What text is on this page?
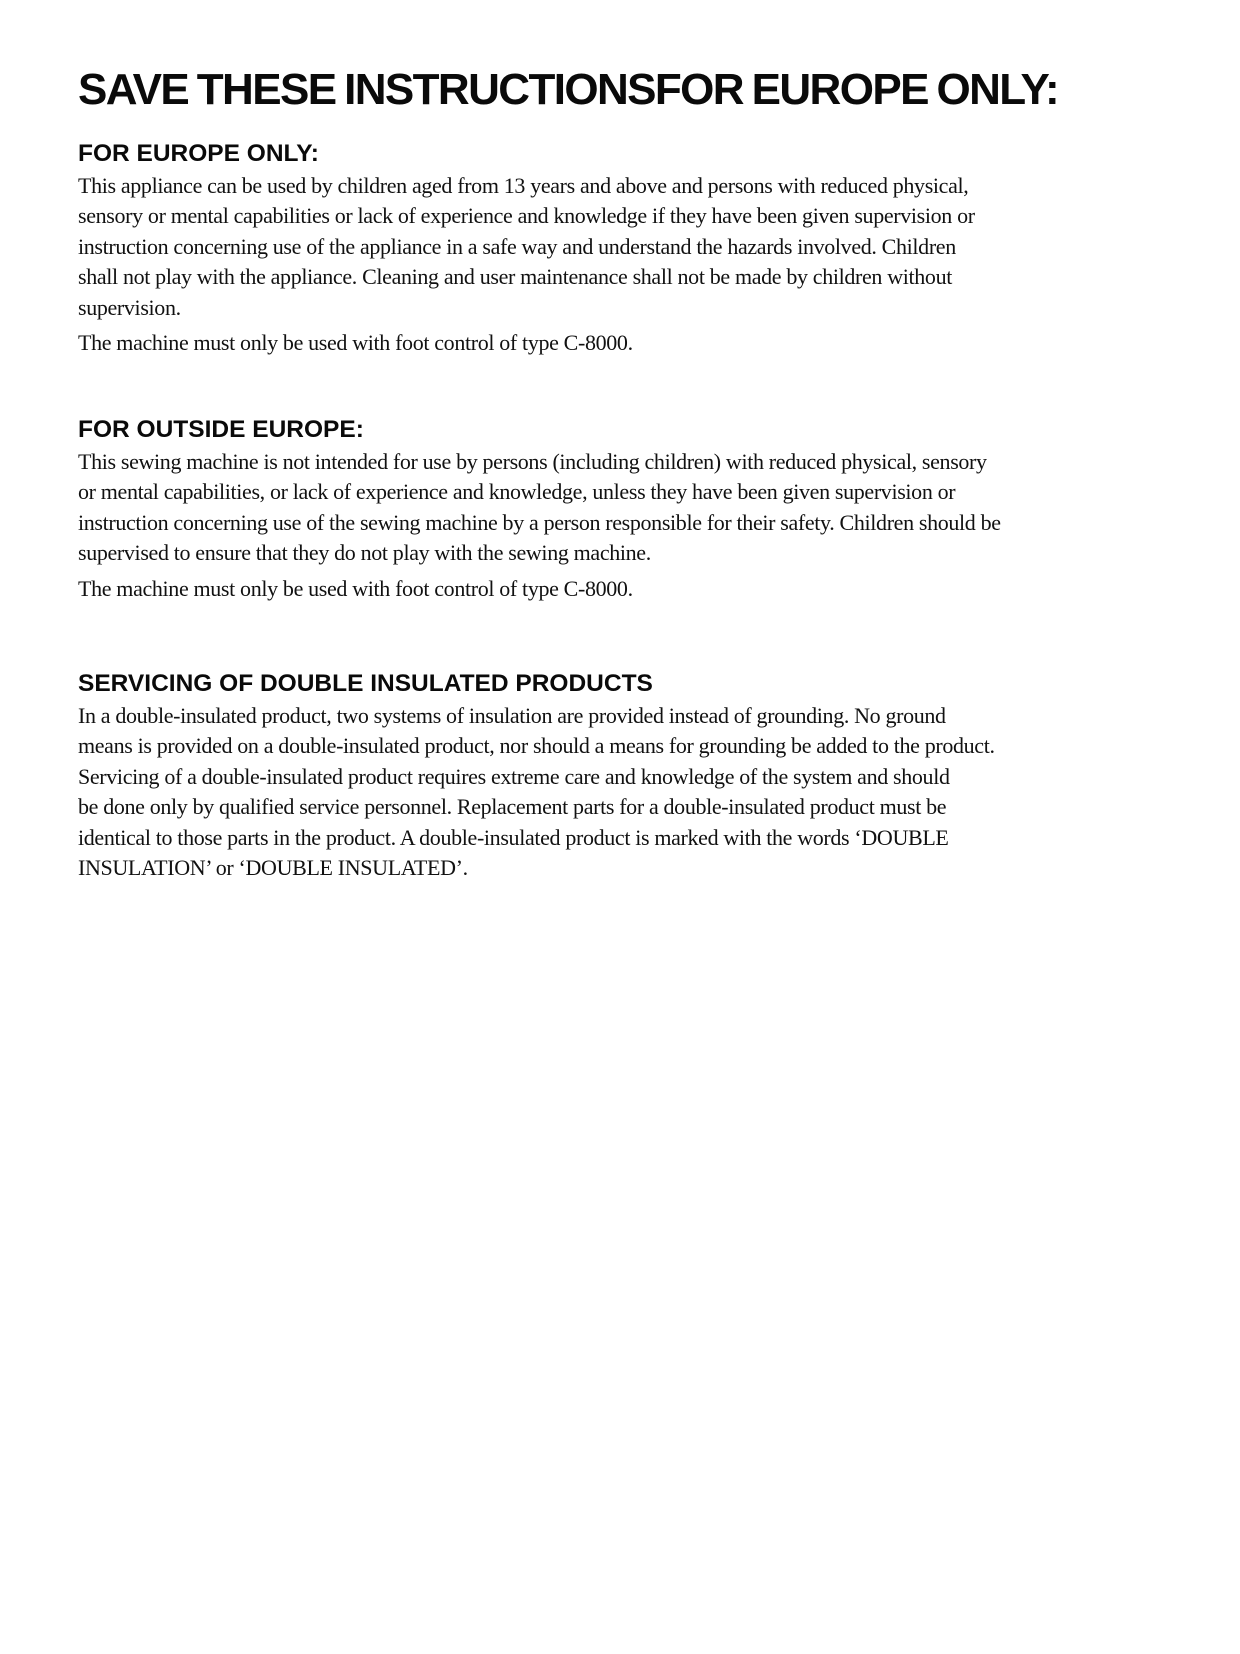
SAVE THESE INSTRUCTIONSFOR EUROPE ONLY:
FOR EUROPE ONLY:

This appliance can be used by children aged from 13 years and above and persons with reduced physical,
sensory or mental capabilities or lack of experience and knowledge if they have been given supervision or
instruction concerning use of the appliance in a safe way and understand the hazards involved. Children
shall not play with the appliance. Cleaning and user maintenance shall not be made by children without
supervision.

The machine must only be used with foot control of type C-8000.

FOR OUTSIDE EUROPE:

This sewing machine is not intended for use by persons (including children) with reduced physical, sensory
or mental capabilities, or lack of experience and knowledge, unless they have been given supervision or
instruction concerning use of the sewing machine by a person responsible for their safety. Children should be
supervised to ensure that they do not play with the sewing machine.

The machine must only be used with foot control of type C-8000.

SERVICING OF DOUBLE INSULATED PRODUCTS

In a double-insulated product, two systems of insulation are provided instead of grounding. No ground
means is provided on a double-insulated product, nor should a means for grounding be added to the product.
Servicing of a double-insulated product requires extreme care and knowledge of the system and should
be done only by qualified service personnel. Replacement parts for a double-insulated product must be
identical to those parts in the product. A double-insulated product is marked with the words ‘DOUBLE
INSULATION’ or ‘DOUBLE INSULATED’.
